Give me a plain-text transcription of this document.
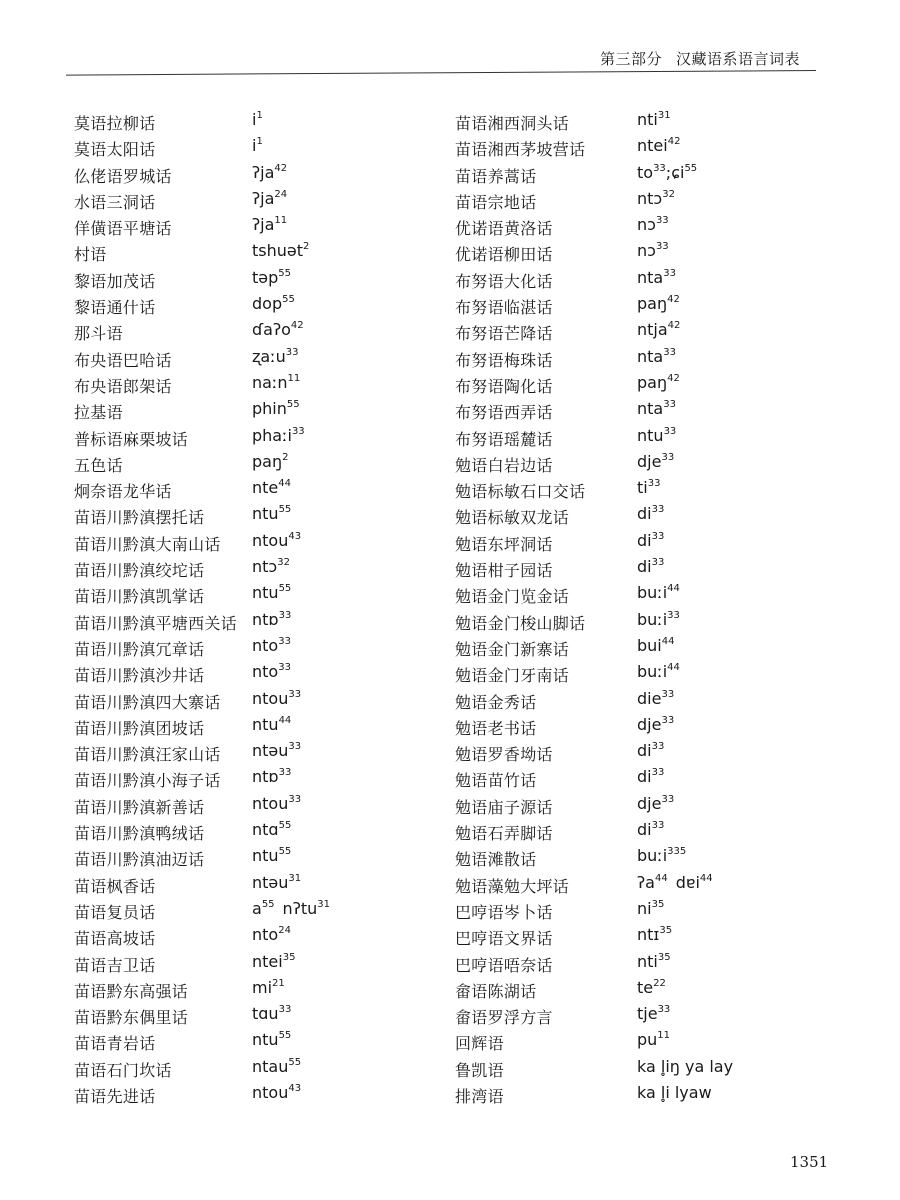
第三部分 汉藏语系语言词表
莫语拉柳话	$i^1$
莫语太阳话	$i^1$
仫佬语罗城话	ʔja$^{42}$
水语三洞话	ʔja$^{24}$
佯僙语平塘话	ʔja$^{11}$
村语	tshuət$^2$
黎语加茂话	təp$^{55}$
黎语通什话	dop$^{55}$
那斗语	ɗaʔo$^{42}$
布央语巴哈话	ʐaːu$^{33}$
布央语郎架话	naːn$^{11}$
拉基语	phin$^{55}$
普标语麻栗坡话	phaːi$^{33}$
五色话	paŋ$^2$
炯奈语龙华话	nte$^{44}$
苗语川黔滇摆托话	ntu$^{55}$
苗语川黔滇大南山话 ntou$^{43}$
苗语川黔滇绞坨话	ntɔ$^{32}$
苗语川黔滇凯掌话	ntu$^{55}$
苗语川黔滇平塘西关话 ntɒ$^{33}$
苗语川黔滇冗章话	nto$^{33}$
苗语川黔滇沙井话	nto$^{33}$
苗语川黔滇四大寨话 ntou$^{33}$
苗语川黔滇团坡话	ntu$^{44}$
苗语川黔滇汪家山话 ntəu$^{33}$
苗语川黔滇小海子话 ntɒ$^{33}$
苗语川黔滇新善话	ntou$^{33}$
苗语川黔滇鸭绒话	ntɑ$^{55}$
苗语川黔滇油迈话	ntu$^{55}$
苗语枫香话	ntəu$^{31}$
苗语复员话	$a^{55}$  nʔtu$^{31}$
苗语高坡话	nto$^{24}$
苗语吉卫话	ntei$^{35}$
苗语黔东高强话	$mi^{21}$
苗语黔东偶里话	tɑu$^{33}$
苗语青岩话	ntu$^{55}$
苗语石门坎话	ntau$^{55}$
苗语先进话	ntou$^{43}$
苗语湘西洞头话	nti$^{31}$
苗语湘西茅坡营话	ntei$^{42}$
苗语养蒿话	$to^{33};ɕi^{55}$
苗语宗地话	ntɔ$^{32}$
优诺语黄洛话	nɔ$^{33}$
优诺语柳田话	nɔ$^{33}$
布努语大化话	nta$^{33}$
布努语临湛话	paŋ$^{42}$
布努语芒降话	ntja$^{42}$
布努语梅珠话	nta$^{33}$
布努语陶化话	paŋ$^{42}$
布努语西弄话	nta$^{33}$
布努语瑶麓话	ntu$^{33}$
勉语白岩边话	dje$^{33}$
勉语标敏石口交话	$ti^{33}$
勉语标敏双龙话	$di^{33}$
勉语东坪洞话	$di^{33}$
勉语柑子园话	$di^{33}$
勉语金门览金话	buːi$^{44}$
勉语金门梭山脚话	buːi$^{33}$
勉语金门新寨话	bui$^{44}$
勉语金门牙南话	buːi$^{44}$
勉语金秀话	die$^{33}$
勉语老书话	dje$^{33}$
勉语罗香坳话	$di^{33}$
勉语苗竹话	$di^{33}$
勉语庙子源话	dje$^{33}$
勉语石弄脚话	$di^{33}$
勉语滩散话	buːi$^{335}$
勉语藻勉大坪话	ʔa$^{44}$  dɐi$^{44}$
巴哼语岑卜话	$ni^{35}$
巴哼语文界话	ntɪ$^{35}$
巴哼语唔奈话	nti$^{35}$
畲语陈湖话	$te^{22}$
畲语罗浮方言	tje$^{33}$
回辉语	$pu^{11}$
鲁凯语	ka l̥iŋ ya lay
排湾语	ka l̥i lyaw
1351
